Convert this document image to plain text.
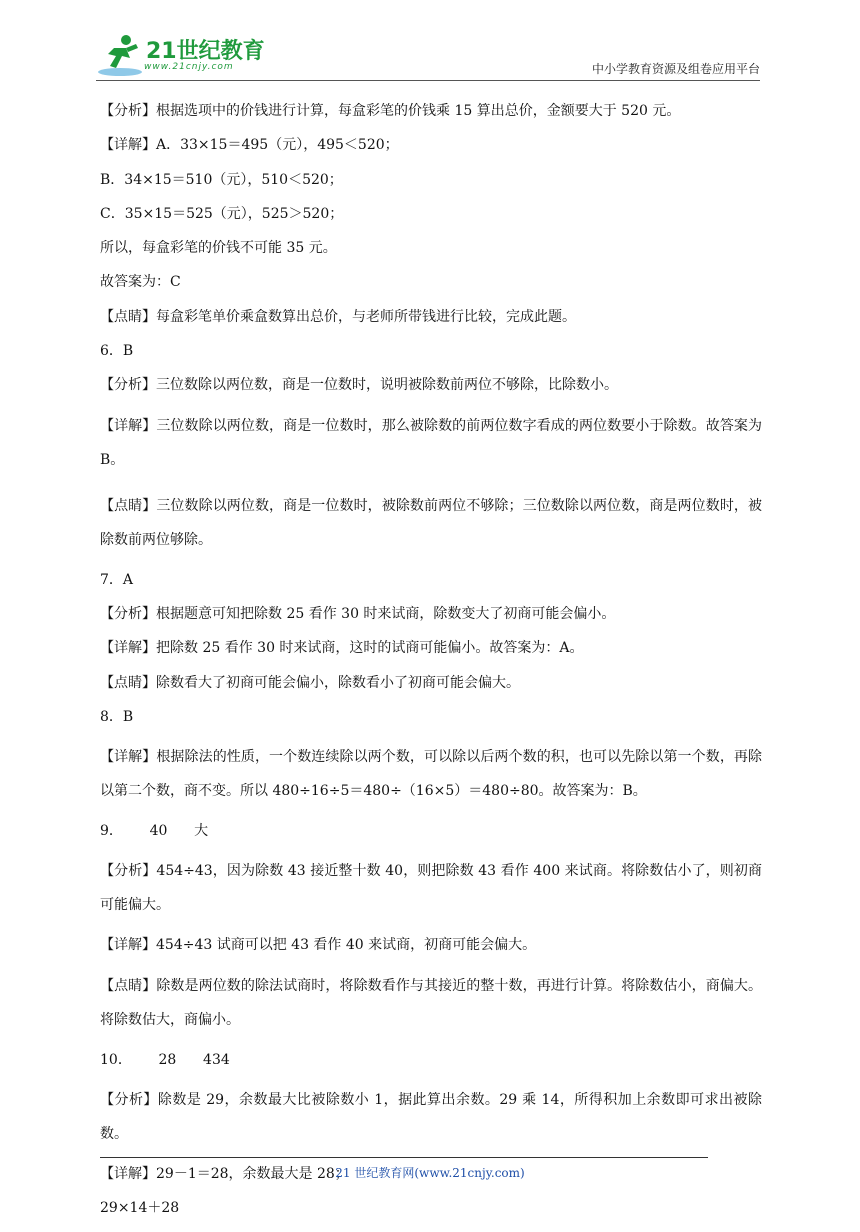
21世纪教育
www.21cnjy.com	中小学教育资源及组卷应用平台

【分析】根据选项中的价钱进行计算，每盒彩笔的价钱乘 15 算出总价，金额要大于 520 元。

【详解】A．33×15＝495（元），495＜520；

B．34×15＝510（元），510＜520；

C．35×15＝525（元），525＞520；

所以，每盒彩笔的价钱不可能 35 元。

故答案为：C

【点睛】每盒彩笔单价乘盒数算出总价，与老师所带钱进行比较，完成此题。

6．B

【分析】三位数除以两位数，商是一位数时，说明被除数前两位不够除，比除数小。

【详解】三位数除以两位数，商是一位数时，那么被除数的前两位数字看成的两位数要小于除数。故答案为 B。

【点睛】三位数除以两位数，商是一位数时，被除数前两位不够除；三位数除以两位数，商是两位数时，被除数前两位够除。

7．A

【分析】根据题意可知把除数 25 看作 30 时来试商，除数变大了初商可能会偏小。

【详解】把除数 25 看作 30 时来试商，这时的试商可能偏小。故答案为：A。

【点睛】除数看大了初商可能会偏小，除数看小了初商可能会偏大。

8．B

【详解】根据除法的性质，一个数连续除以两个数，可以除以后两个数的积，也可以先除以第一个数，再除以第二个数，商不变。所以 480÷16÷5＝480÷（16×5）＝480÷80。故答案为：B。

9．      40      大

【分析】454÷43，因为除数 43 接近整十数 40，则把除数 43 看作 400 来试商。将除数估小了，则初商可能偏大。

【详解】454÷43 试商可以把 43 看作 40 来试商，初商可能会偏大。

【点睛】除数是两位数的除法试商时，将除数看作与其接近的整十数，再进行计算。将除数估小，商偏大。将除数估大，商偏小。

10．      28      434

【分析】除数是 29，余数最大比被除数小 1，据此算出余数。29 乘 14，所得积加上余数即可求出被除数。

【详解】29－1＝28，余数最大是 28；

29×14＋28

21 世纪教育网(www.21cnjy.com)
